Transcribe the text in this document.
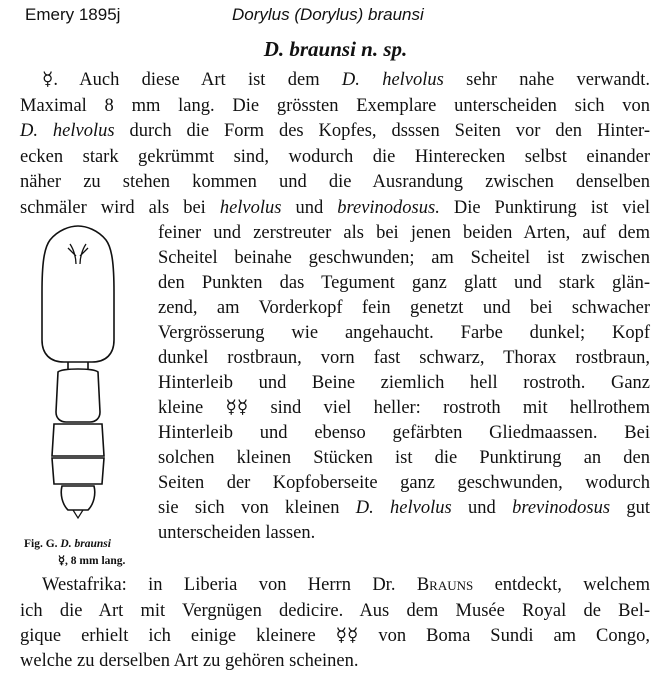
Emery 1895j	Dorylus (Dorylus) braunsi
D. braunsi n. sp.
☿. Auch diese Art ist dem D. helvolus sehr nahe verwandt.
Maximal 8 mm lang. Die grössten Exemplare unterscheiden sich von
D. helvolus durch die Form des Kopfes, dsssen Seiten vor den Hinter-
ecken stark gekrümmt sind, wodurch die Hinterecken selbst einander
näher zu stehen kommen und die Ausrandung zwischen denselben
schmäler wird als bei helvolus und brevinodosus. Die Punktirung ist viel
feiner und zerstreuter als bei jenen beiden Arten, auf dem
Scheitel beinahe geschwunden; am Scheitel ist zwischen
den Punkten das Tegument ganz glatt und stark glän-
zend, am Vorderkopf fein genetzt und bei schwacher
Vergrösserung wie angehaucht. Farbe dunkel; Kopf
dunkel rostbraun, vorn fast schwarz, Thorax rostbraun,
Hinterleib und Beine ziemlich hell rostroth. Ganz
kleine ☿☿ sind viel heller: rostroth mit hellrothem
Hinterleib und ebenso gefärbten Gliedmaassen. Bei
solchen kleinen Stücken ist die Punktirung an den
Seiten der Kopfoberseite ganz geschwunden, wodurch
sie sich von kleinen D. helvolus und brevinodosus gut
unterscheiden lassen.
Fig. G. D. braunsi
☿, 8 mm lang.
Westafrika: in Liberia von Herrn Dr. Brauns entdeckt, welchem
ich die Art mit Vergnügen dedicire. Aus dem Musée Royal de Bel-
gique erhielt ich einige kleinere ☿☿ von Boma Sundi am Congo,
welche zu derselben Art zu gehören scheinen.
